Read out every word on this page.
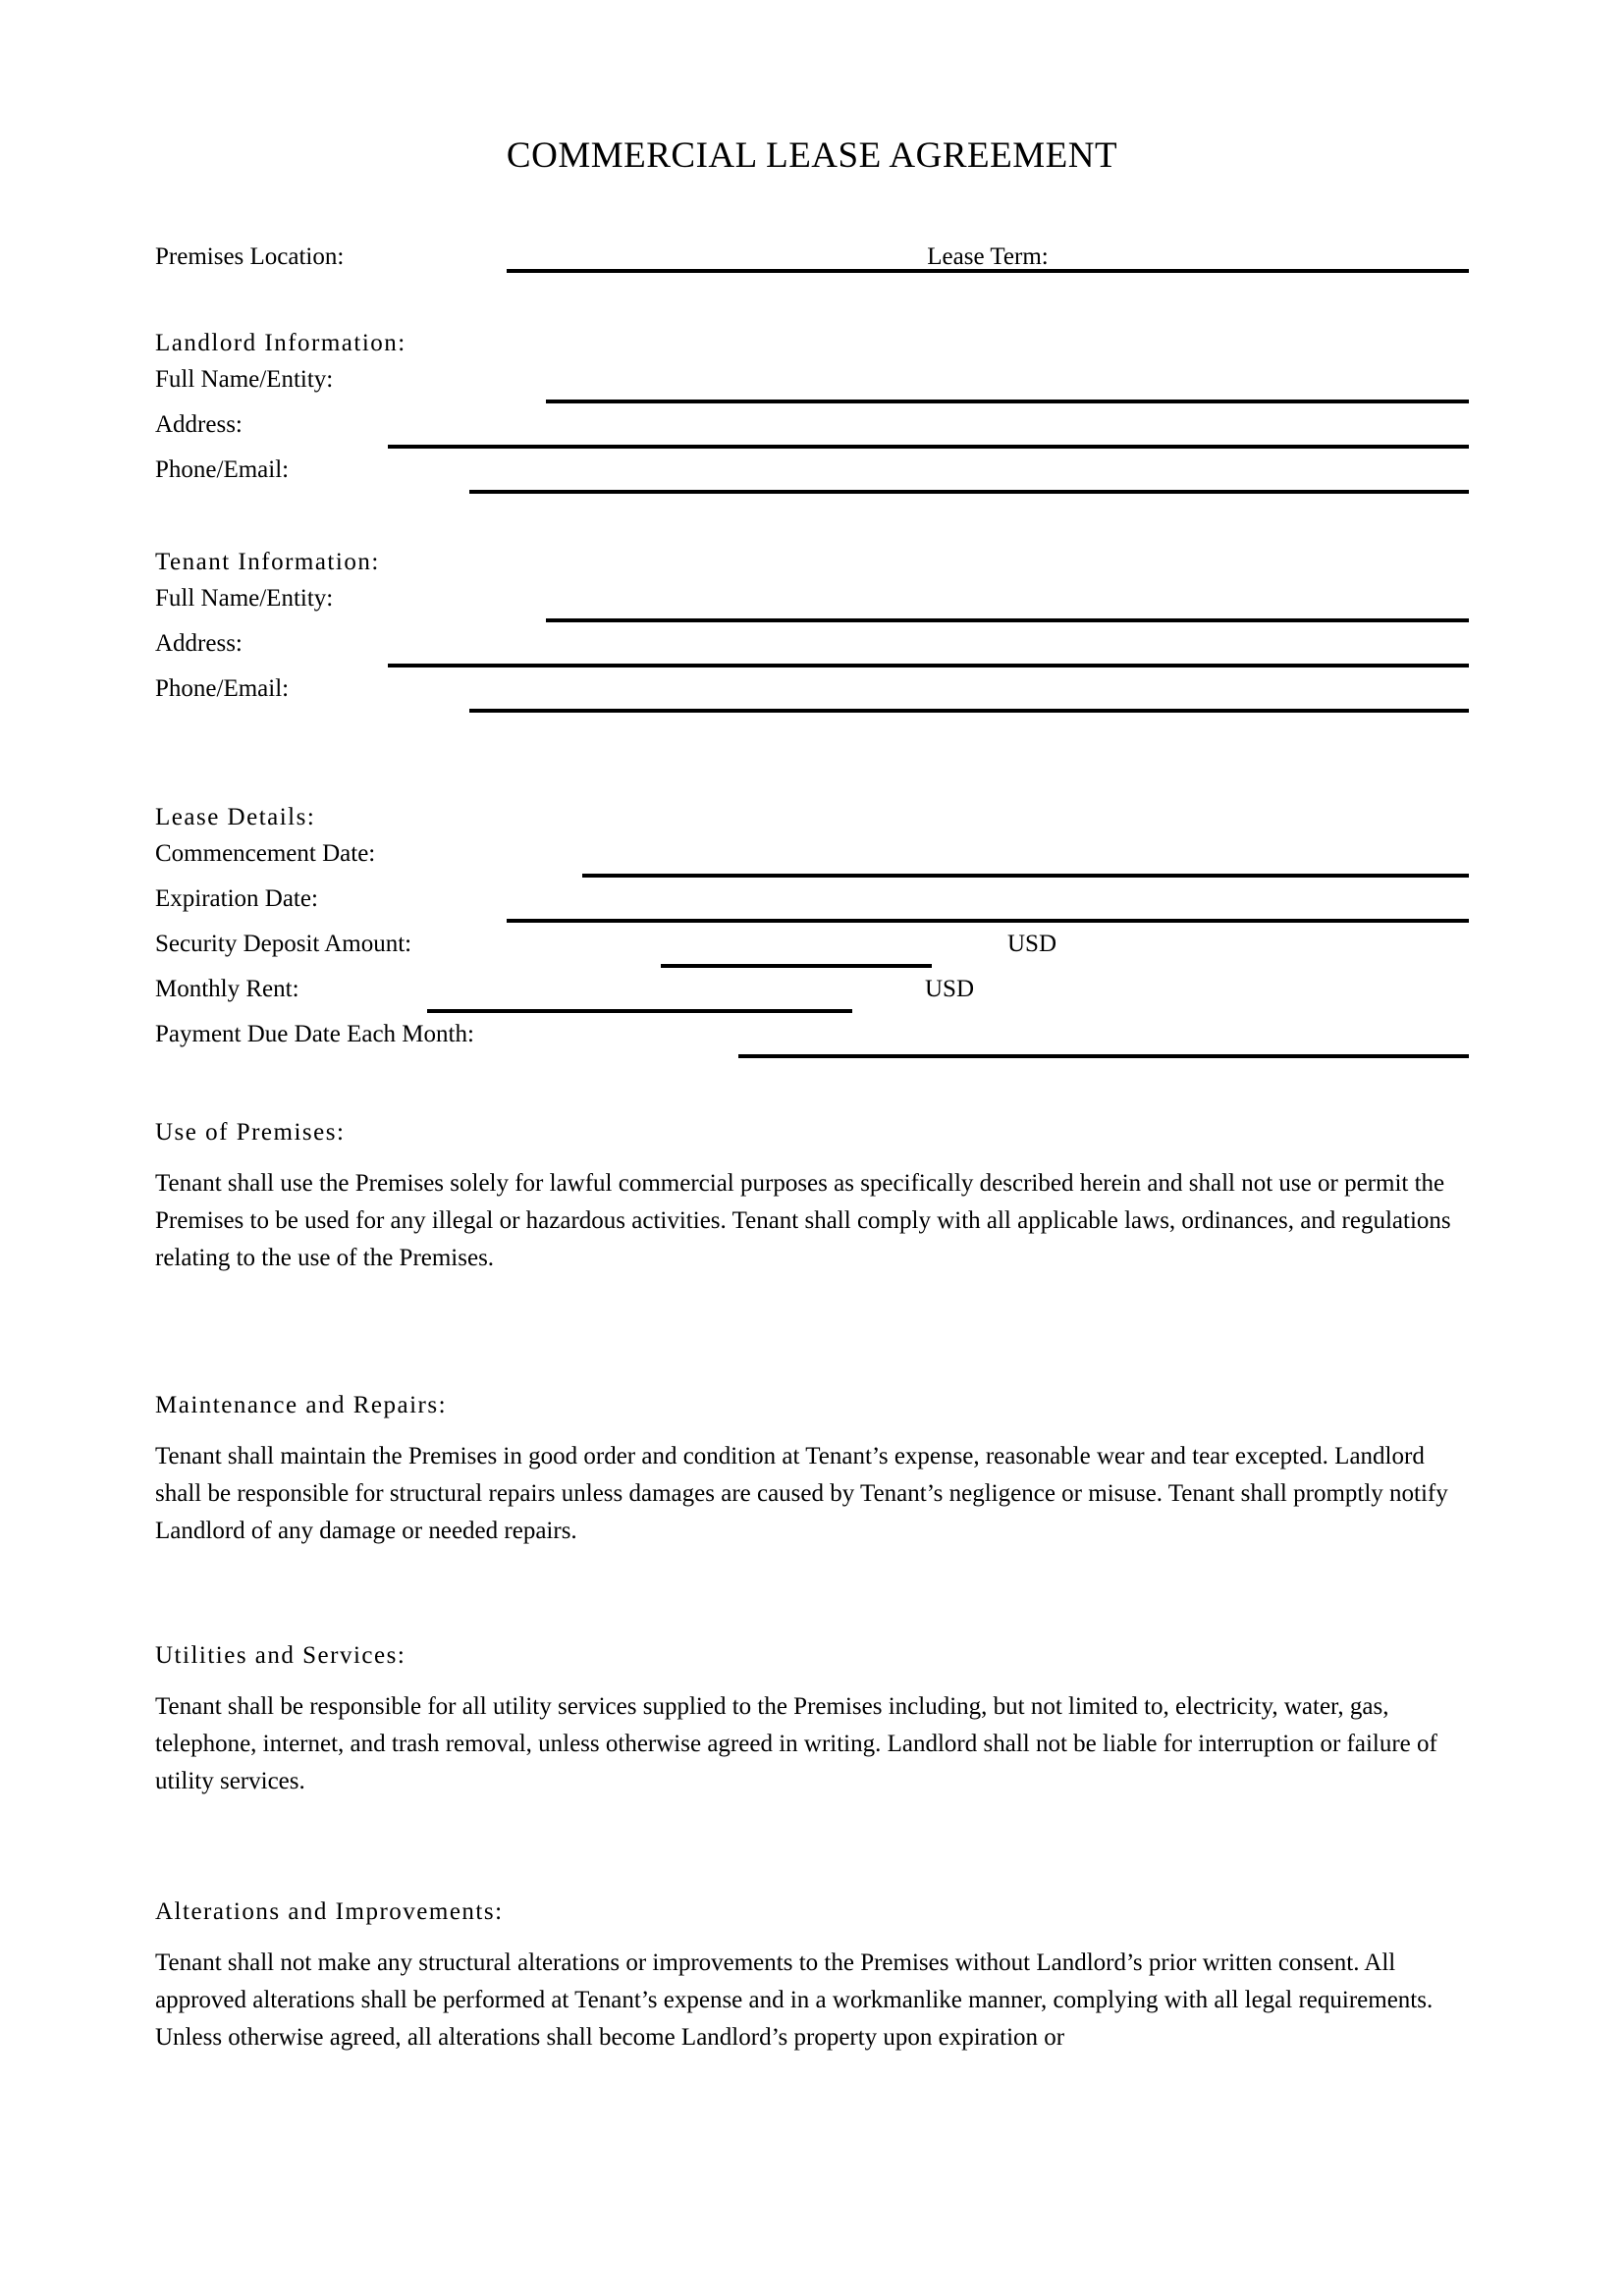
COMMERCIAL LEASE AGREEMENT
Premises Location:	Lease Term:
Landlord Information:
Full Name/Entity:
Address:
Phone/Email:
Tenant Information:
Full Name/Entity:
Address:
Phone/Email:
Lease Details:
Commencement Date:
Expiration Date:
Security Deposit Amount:	USD
Monthly Rent:	USD
Payment Due Date Each Month:
Use of Premises:

Tenant shall use the Premises solely for lawful commercial purposes as specifically described herein and shall not use or permit the Premises to be used for any illegal or hazardous activities. Tenant shall comply with all applicable laws, ordinances, and regulations relating to the use of the Premises.

Maintenance and Repairs:

Tenant shall maintain the Premises in good order and condition at Tenant’s expense, reasonable wear and tear excepted. Landlord shall be responsible for structural repairs unless damages are caused by Tenant’s negligence or misuse. Tenant shall promptly notify Landlord of any damage or needed repairs.

Utilities and Services:

Tenant shall be responsible for all utility services supplied to the Premises including, but not limited to, electricity, water, gas, telephone, internet, and trash removal, unless otherwise agreed in writing. Landlord shall not be liable for interruption or failure of utility services.

Alterations and Improvements:

Tenant shall not make any structural alterations or improvements to the Premises without Landlord’s prior written consent. All approved alterations shall be performed at Tenant’s expense and in a workmanlike manner, complying with all legal requirements. Unless otherwise agreed, all alterations shall become Landlord’s property upon expiration or
